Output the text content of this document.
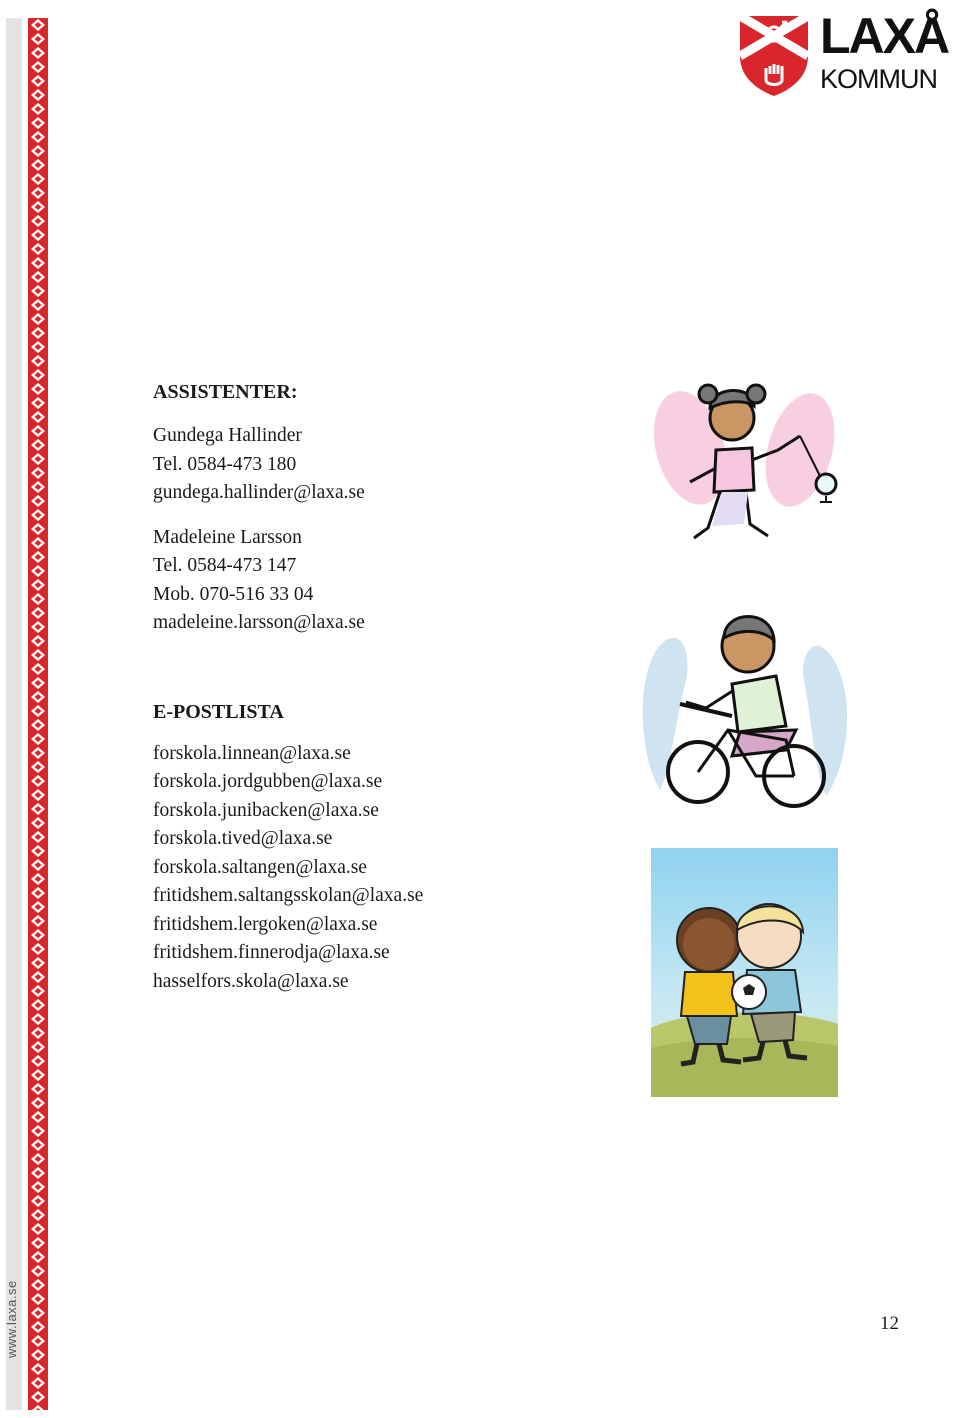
www.laxa.se
LAXÅ
KOMMUN

ASSISTENTER:

Gundega Hallinder

Tel. 0584-473 180

gundega.hallinder@laxa.se

Madeleine Larsson

Tel. 0584-473 147

Mob. 070-516 33 04

madeleine.larsson@laxa.se

E-POSTLISTA

forskola.linnean@laxa.se

forskola.jordgubben@laxa.se

forskola.junibacken@laxa.se

forskola.tived@laxa.se

forskola.saltangen@laxa.se

fritidshem.saltangsskolan@laxa.se

fritidshem.lergoken@laxa.se

fritidshem.finnerodja@laxa.se

hasselfors.skola@laxa.se

12
